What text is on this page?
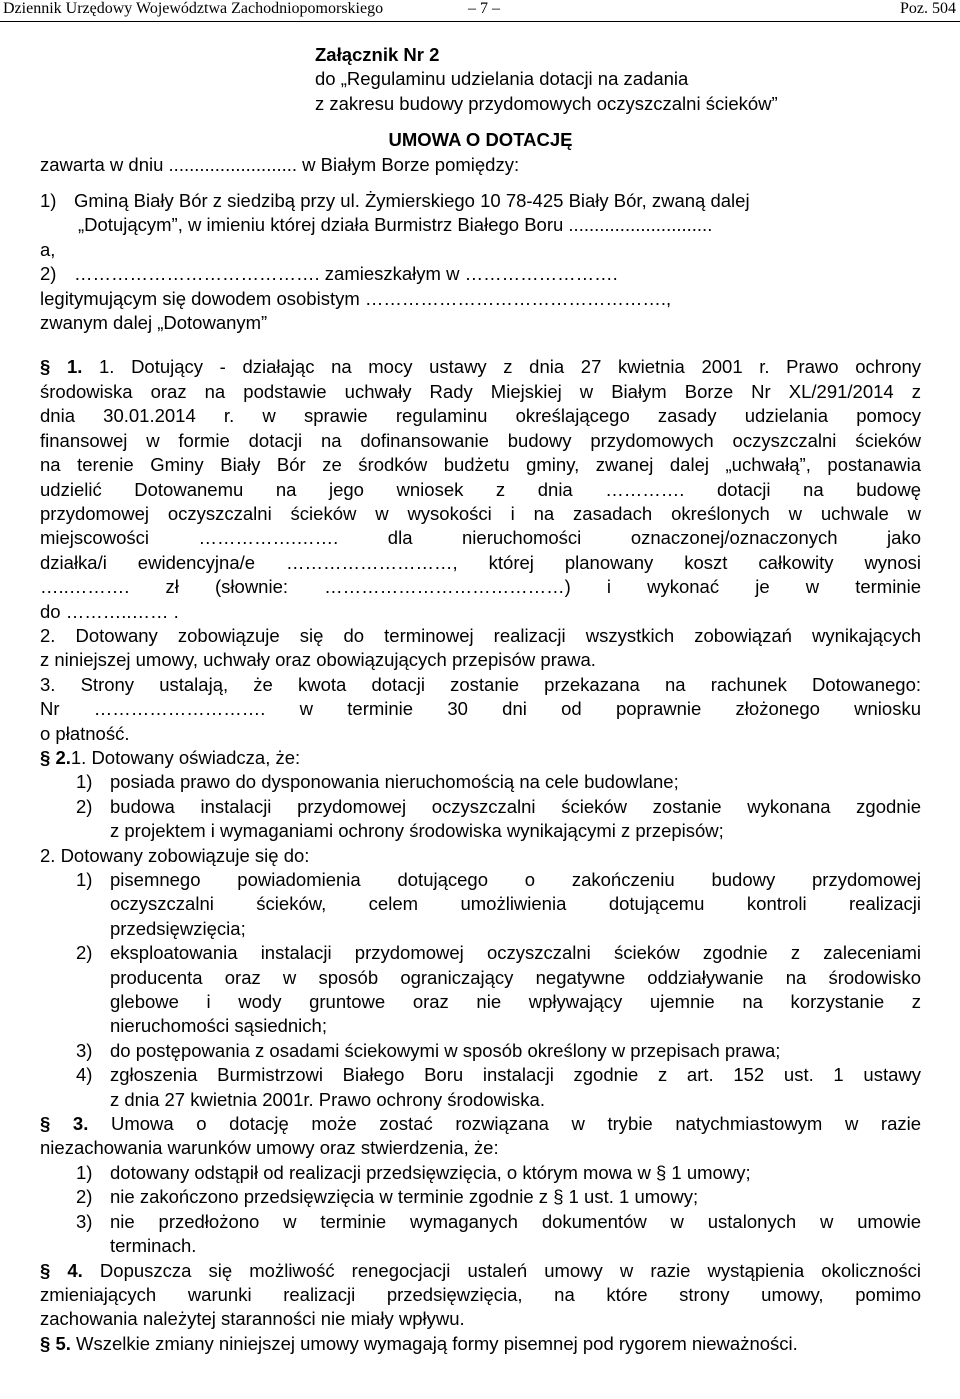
Dziennik Urzędowy Województwa Zachodniopomorskiego	– 7 –	Poz. 504

Załącznik Nr 2

do „Regulaminu udzielania dotacji na zadania

z zakresu budowy przydomowych oczyszczalni ścieków”

UMOWA O DOTACJĘ

zawarta w dniu ......................... w Białym Borze pomiędzy:

1) Gminą Biały Bór z siedzibą przy ul. Żymierskiego 10 78-425 Biały Bór, zwaną dalej

„Dotującym”, w imieniu której działa Burmistrz Białego Boru ............................

a,

2) …………………………………. zamieszkałym w …………………….

legitymującym się dowodem osobistym ………………………………………….,

zwanym dalej „Dotowanym”

§ 1. 1. Dotujący - działając na mocy ustawy z dnia 27 kwietnia 2001 r. Prawo ochrony

środowiska oraz na podstawie uchwały Rady Miejskiej w Białym Borze Nr XL/291/2014 z

dnia 30.01.2014 r. w sprawie regulaminu określającego zasady udzielania pomocy

finansowej w formie dotacji na dofinansowanie budowy przydomowych oczyszczalni ścieków

na terenie Gminy Biały Bór ze środków budżetu gminy, zwanej dalej „uchwałą”, postanawia

udzielić Dotowanemu na jego wniosek z dnia …………. dotacji na budowę

przydomowej oczyszczalni ścieków w wysokości i na zasadach określonych w uchwale w

miejscowości …………….……. dla nieruchomości oznaczonej/oznaczonych jako

działka/i ewidencyjna/e ………………………, której planowany koszt całkowity wynosi

…..………. zł (słownie: …………………………………) i wykonać je w terminie

do ………..…… .

2. Dotowany zobowiązuje się do terminowej realizacji wszystkich zobowiązań wynikających

z niniejszej umowy, uchwały oraz obowiązujących przepisów prawa.

3. Strony ustalają, że kwota dotacji zostanie przekazana na rachunek Dotowanego:

Nr ………………………. w terminie 30 dni od poprawnie złożonego wniosku

o płatność.

§ 2.1. Dotowany oświadcza, że:

1) posiada prawo do dysponowania nieruchomością na cele budowlane;

2) budowa instalacji przydomowej oczyszczalni ścieków zostanie wykonana zgodnie

z projektem i wymaganiami ochrony środowiska wynikającymi z przepisów;

2. Dotowany zobowiązuje się do:

1) pisemnego powiadomienia dotującego o zakończeniu budowy przydomowej

oczyszczalni ścieków, celem umożliwienia dotującemu kontroli realizacji

przedsięwzięcia;

2) eksploatowania instalacji przydomowej oczyszczalni ścieków zgodnie z zaleceniami

producenta oraz w sposób ograniczający negatywne oddziaływanie na środowisko

glebowe i wody gruntowe oraz nie wpływający ujemnie na korzystanie z

nieruchomości sąsiednich;

3) do postępowania z osadami ściekowymi w sposób określony w przepisach prawa;

4) zgłoszenia Burmistrzowi Białego Boru instalacji zgodnie z art. 152 ust. 1 ustawy

z dnia 27 kwietnia 2001r. Prawo ochrony środowiska.

§ 3. Umowa o dotację może zostać rozwiązana w trybie natychmiastowym w razie

niezachowania warunków umowy oraz stwierdzenia, że:

1) dotowany odstąpił od realizacji przedsięwzięcia, o którym mowa w § 1 umowy;

2) nie zakończono przedsięwzięcia w terminie zgodnie z § 1 ust. 1 umowy;

3) nie przedłożono w terminie wymaganych dokumentów w ustalonych w umowie

terminach.

§ 4. Dopuszcza się możliwość renegocjacji ustaleń umowy w razie wystąpienia okoliczności

zmieniających warunki realizacji przedsięwzięcia, na które strony umowy, pomimo

zachowania należytej staranności nie miały wpływu.

§ 5. Wszelkie zmiany niniejszej umowy wymagają formy pisemnej pod rygorem nieważności.
